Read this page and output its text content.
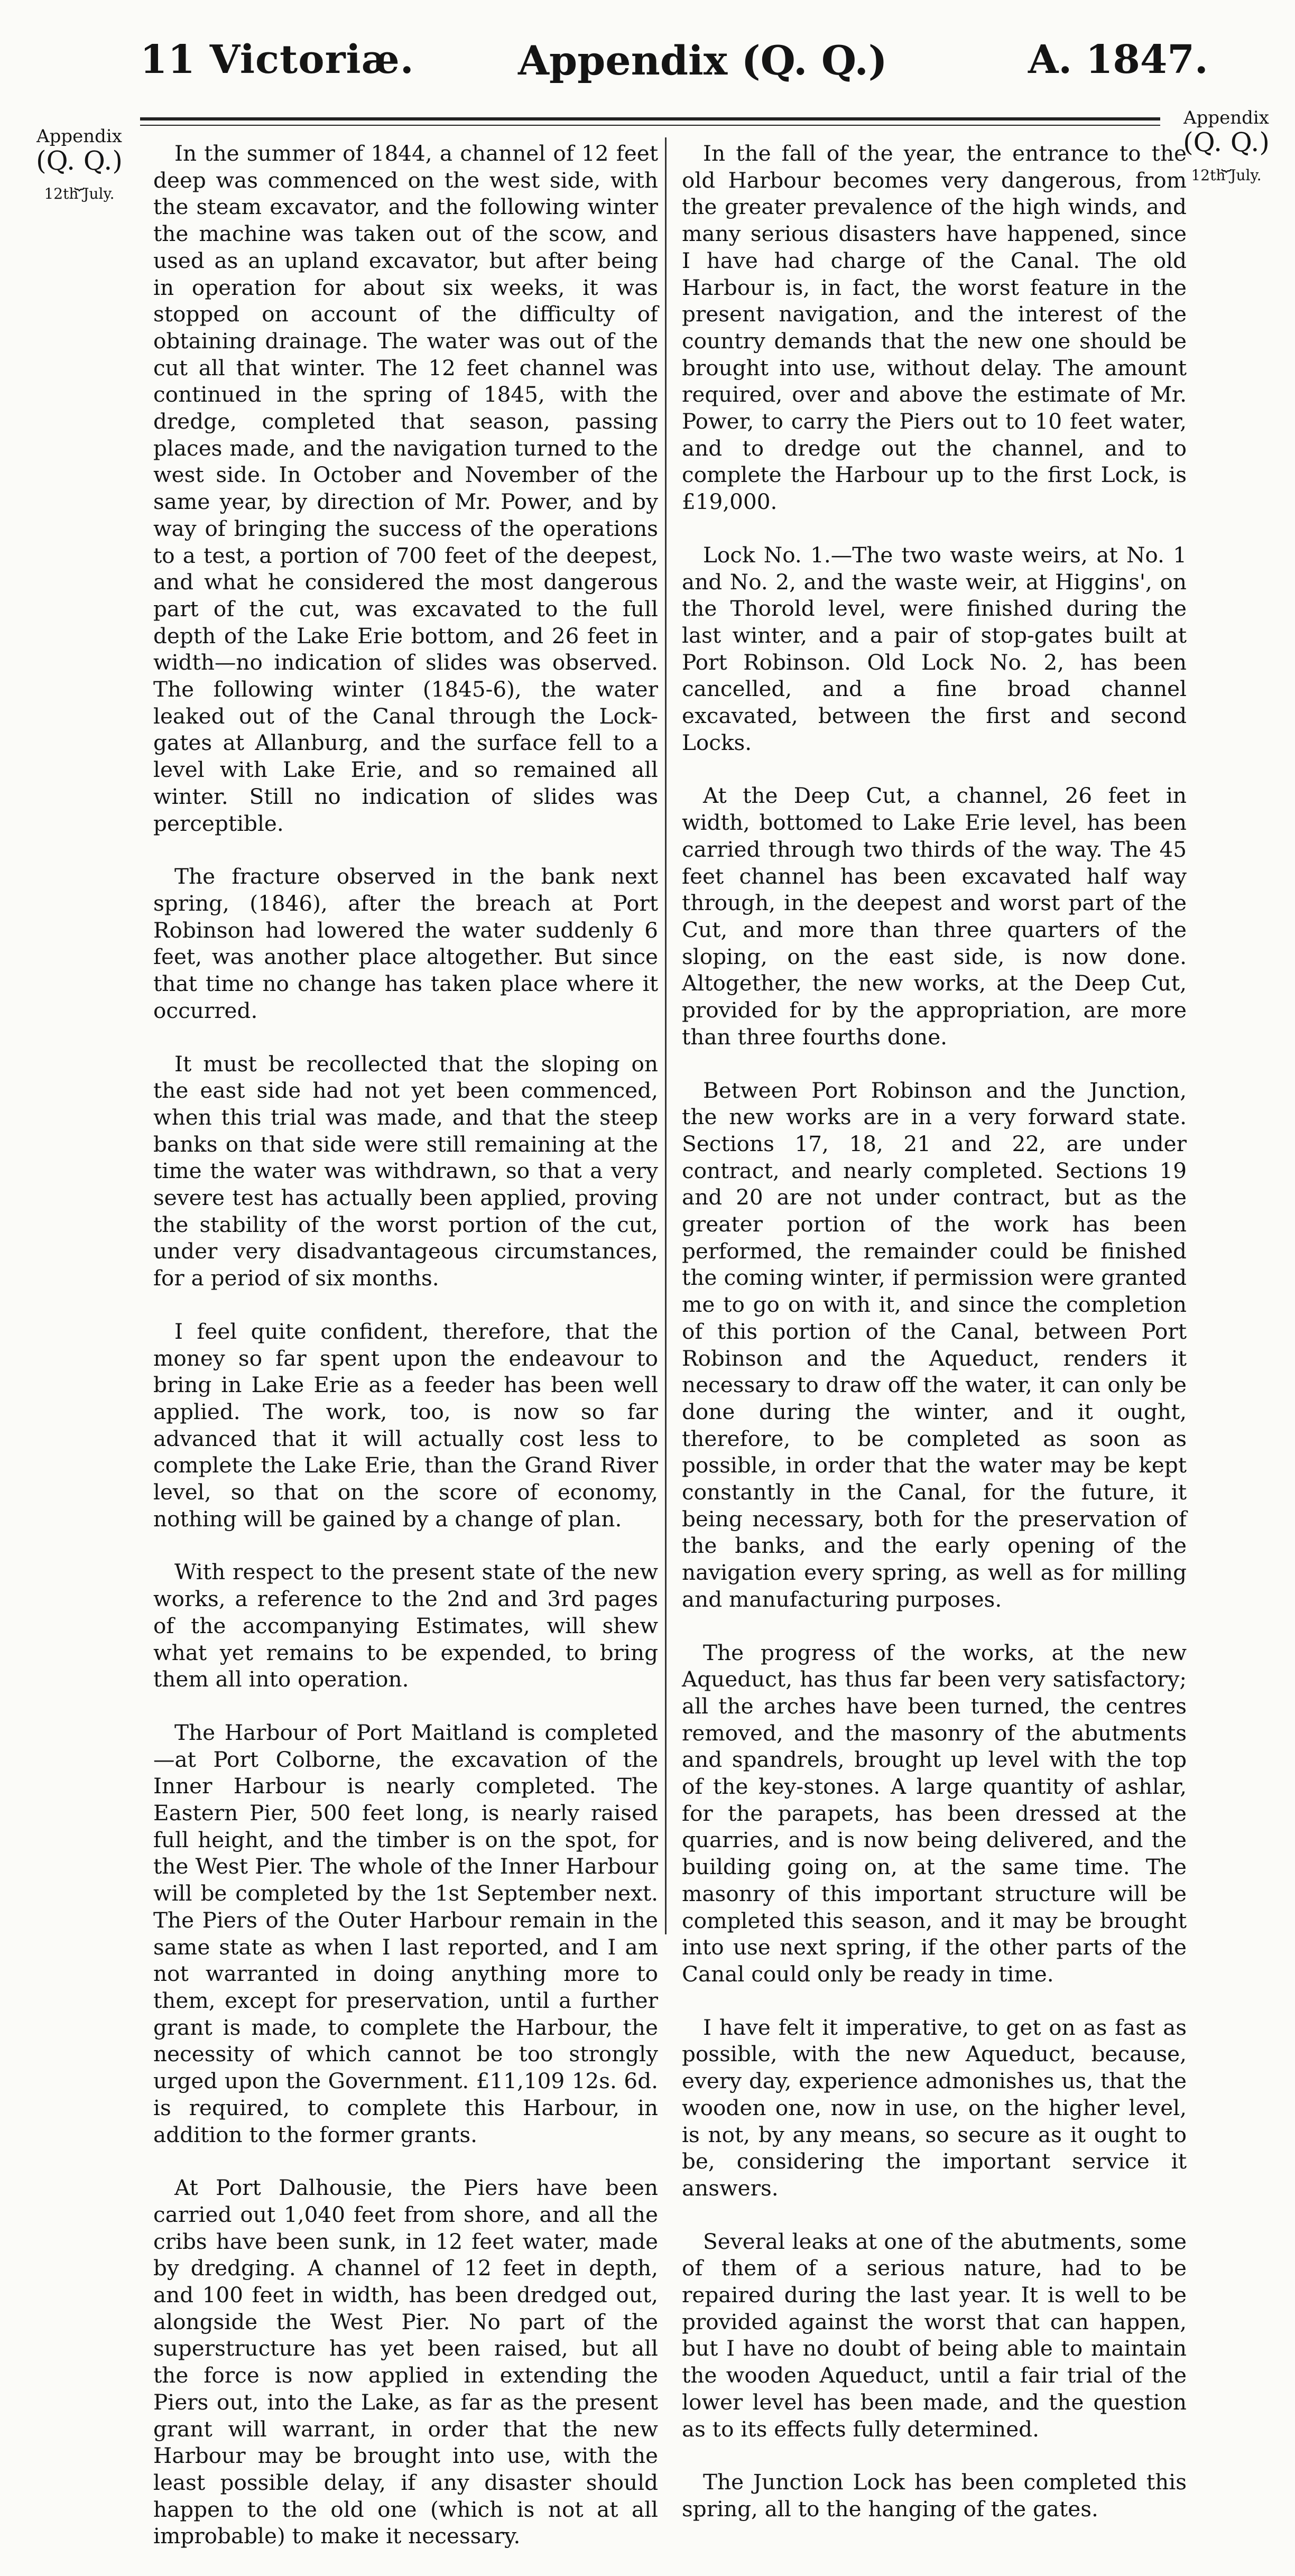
11 Victoriæ.	Appendix (Q. Q.)	A. 1847.
Appendix
(Q. Q.)
⏟
12th July.
Appendix
(Q. Q.)
⏟
12th July.

In the summer of 1844, a channel of 12 feet deep was commenced on the west side, with the steam excavator, and the following winter the machine was taken out of the scow, and used as an upland excavator, but after being in operation for about six weeks, it was stopped on account of the difficulty of obtaining drainage. The water was out of the cut all that winter. The 12 feet channel was continued in the spring of 1845, with the dredge, completed that season, passing places made, and the navigation turned to the west side. In October and November of the same year, by direction of Mr. Power, and by way of bringing the success of the operations to a test, a portion of 700 feet of the deepest, and what he considered the most dangerous part of the cut, was excavated to the full depth of the Lake Erie bottom, and 26 feet in width—no indication of slides was observed. The following winter (1845-6), the water leaked out of the Canal through the Lock-gates at Allanburg, and the surface fell to a level with Lake Erie, and so remained all winter. Still no indication of slides was perceptible.

The fracture observed in the bank next spring, (1846), after the breach at Port Robinson had lowered the water suddenly 6 feet, was another place altogether. But since that time no change has taken place where it occurred.

It must be recollected that the sloping on the east side had not yet been commenced, when this trial was made, and that the steep banks on that side were still remaining at the time the water was withdrawn, so that a very severe test has actually been applied, proving the stability of the worst portion of the cut, under very disadvantageous circumstances, for a period of six months.

I feel quite confident, therefore, that the money so far spent upon the endeavour to bring in Lake Erie as a feeder has been well applied. The work, too, is now so far advanced that it will actually cost less to complete the Lake Erie, than the Grand River level, so that on the score of economy, nothing will be gained by a change of plan.

With respect to the present state of the new works, a reference to the 2nd and 3rd pages of the accompanying Estimates, will shew what yet remains to be expended, to bring them all into operation.

The Harbour of Port Maitland is completed—at Port Colborne, the excavation of the Inner Harbour is nearly completed. The Eastern Pier, 500 feet long, is nearly raised full height, and the timber is on the spot, for the West Pier. The whole of the Inner Harbour will be completed by the 1st September next. The Piers of the Outer Harbour remain in the same state as when I last reported, and I am not warranted in doing anything more to them, except for preservation, until a further grant is made, to complete the Harbour, the necessity of which cannot be too strongly urged upon the Government. £11,109 12s. 6d. is required, to complete this Harbour, in addition to the former grants.

At Port Dalhousie, the Piers have been carried out 1,040 feet from shore, and all the cribs have been sunk, in 12 feet water, made by dredging. A channel of 12 feet in depth, and 100 feet in width, has been dredged out, alongside the West Pier. No part of the superstructure has yet been raised, but all the force is now applied in extending the Piers out, into the Lake, as far as the present grant will warrant, in order that the new Harbour may be brought into use, with the least possible delay, if any disaster should happen to the old one (which is not at all improbable) to make it necessary.

In the fall of the year, the entrance to the old Harbour becomes very dangerous, from the greater prevalence of the high winds, and many serious disasters have happened, since I have had charge of the Canal. The old Harbour is, in fact, the worst feature in the present navigation, and the interest of the country demands that the new one should be brought into use, without delay. The amount required, over and above the estimate of Mr. Power, to carry the Piers out to 10 feet water, and to dredge out the channel, and to complete the Harbour up to the first Lock, is £19,000.

Lock No. 1.—The two waste weirs, at No. 1 and No. 2, and the waste weir, at Higgins', on the Thorold level, were finished during the last winter, and a pair of stop-gates built at Port Robinson. Old Lock No. 2, has been cancelled, and a fine broad channel excavated, between the first and second Locks.

At the Deep Cut, a channel, 26 feet in width, bottomed to Lake Erie level, has been carried through two thirds of the way. The 45 feet channel has been excavated half way through, in the deepest and worst part of the Cut, and more than three quarters of the sloping, on the east side, is now done. Altogether, the new works, at the Deep Cut, provided for by the appropriation, are more than three fourths done.

Between Port Robinson and the Junction, the new works are in a very forward state. Sections 17, 18, 21 and 22, are under contract, and nearly completed. Sections 19 and 20 are not under contract, but as the greater portion of the work has been performed, the remainder could be finished the coming winter, if permission were granted me to go on with it, and since the completion of this portion of the Canal, between Port Robinson and the Aqueduct, renders it necessary to draw off the water, it can only be done during the winter, and it ought, therefore, to be completed as soon as possible, in order that the water may be kept constantly in the Canal, for the future, it being necessary, both for the preservation of the banks, and the early opening of the navigation every spring, as well as for milling and manufacturing purposes.

The progress of the works, at the new Aqueduct, has thus far been very satisfactory; all the arches have been turned, the centres removed, and the masonry of the abutments and spandrels, brought up level with the top of the key-stones. A large quantity of ashlar, for the parapets, has been dressed at the quarries, and is now being delivered, and the building going on, at the same time. The masonry of this important structure will be completed this season, and it may be brought into use next spring, if the other parts of the Canal could only be ready in time.

I have felt it imperative, to get on as fast as possible, with the new Aqueduct, because, every day, experience admonishes us, that the wooden one, now in use, on the higher level, is not, by any means, so secure as it ought to be, considering the important service it answers.

Several leaks at one of the abutments, some of them of a serious nature, had to be repaired during the last year. It is well to be provided against the worst that can happen, but I have no doubt of being able to maintain the wooden Aqueduct, until a fair trial of the lower level has been made, and the question as to its effects fully determined.

The Junction Lock has been completed this spring, all to the hanging of the gates.
